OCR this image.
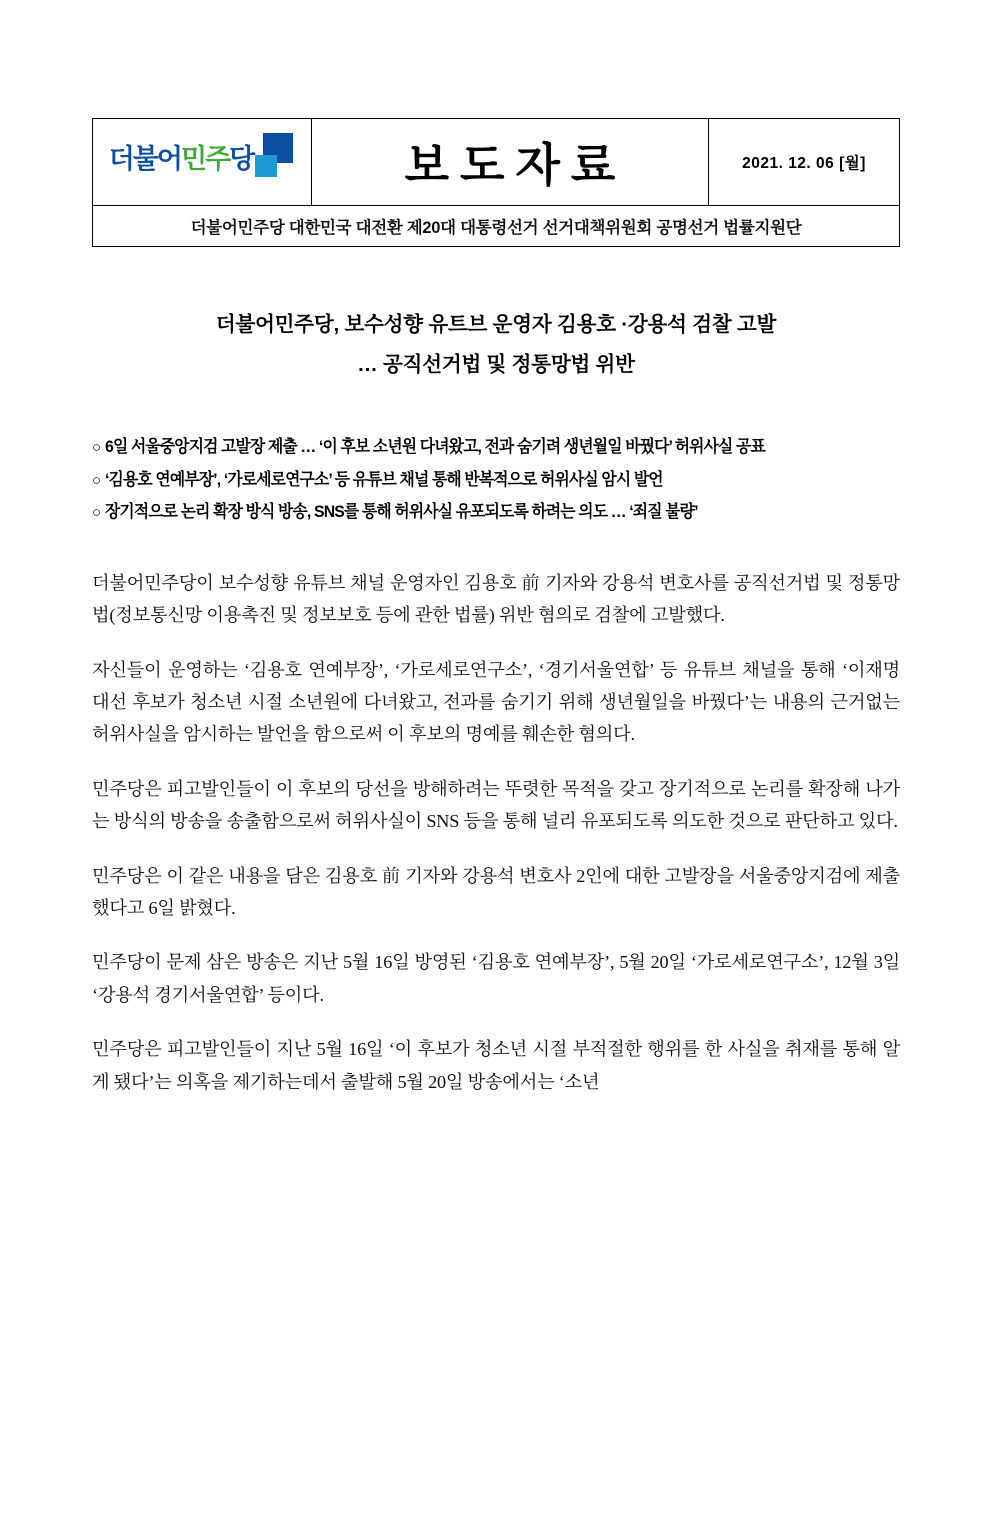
더불어민주당	보도자료	2021. 12. 06 [월]

더불어민주당 대한민국 대전환 제20대 대통령선거 선거대책위원회 공명선거 법률지원단
더불어민주당, 보수성향 유트브 운영자 김용호 ·강용석 검찰 고발
… 공직선거법 및 정통망법 위반
○ 6일 서울중앙지검 고발장 제출 … ‘이 후보 소년원 다녀왔고, 전과 숨기려 생년월일 바꿨다’ 허위사실 공표
○ ‘김용호 연예부장’, ‘가로세로연구소’ 등 유튜브 채널 통해 반복적으로 허위사실 암시 발언
○ 장기적으로 논리 확장 방식 방송, SNS를 통해 허위사실 유포되도록 하려는 의도 … ‘죄질 불량’

더불어민주당이 보수성향 유튜브 채널 운영자인 김용호 前 기자와 강용석 변호사를 공직선거법 및 정통망법(정보통신망 이용촉진 및 정보보호 등에 관한 법률) 위반 혐의로 검찰에 고발했다.

자신들이 운영하는 ‘김용호 연예부장’, ‘가로세로연구소’, ‘경기서울연합’ 등 유튜브 채널을 통해 ‘이재명 대선 후보가 청소년 시절 소년원에 다녀왔고, 전과를 숨기기 위해 생년월일을 바꿨다’는 내용의 근거없는 허위사실을 암시하는 발언을 함으로써 이 후보의 명예를 훼손한 혐의다.

민주당은 피고발인들이 이 후보의 당선을 방해하려는 뚜렷한 목적을 갖고 장기적으로 논리를 확장해 나가는 방식의 방송을 송출함으로써 허위사실이 SNS 등을 통해 널리 유포되도록 의도한 것으로 판단하고 있다.

민주당은 이 같은 내용을 담은 김용호 前 기자와 강용석 변호사 2인에 대한 고발장을 서울중앙지검에 제출했다고 6일 밝혔다.

민주당이 문제 삼은 방송은 지난 5월 16일 방영된 ‘김용호 연예부장’, 5월 20일 ‘가로세로연구소’, 12월 3일 ‘강용석 경기서울연합’ 등이다.

민주당은 피고발인들이 지난 5월 16일 ‘이 후보가 청소년 시절 부적절한 행위를 한 사실을 취재를 통해 알게 됐다’는 의혹을 제기하는데서 출발해 5월 20일 방송에서는 ‘소년
